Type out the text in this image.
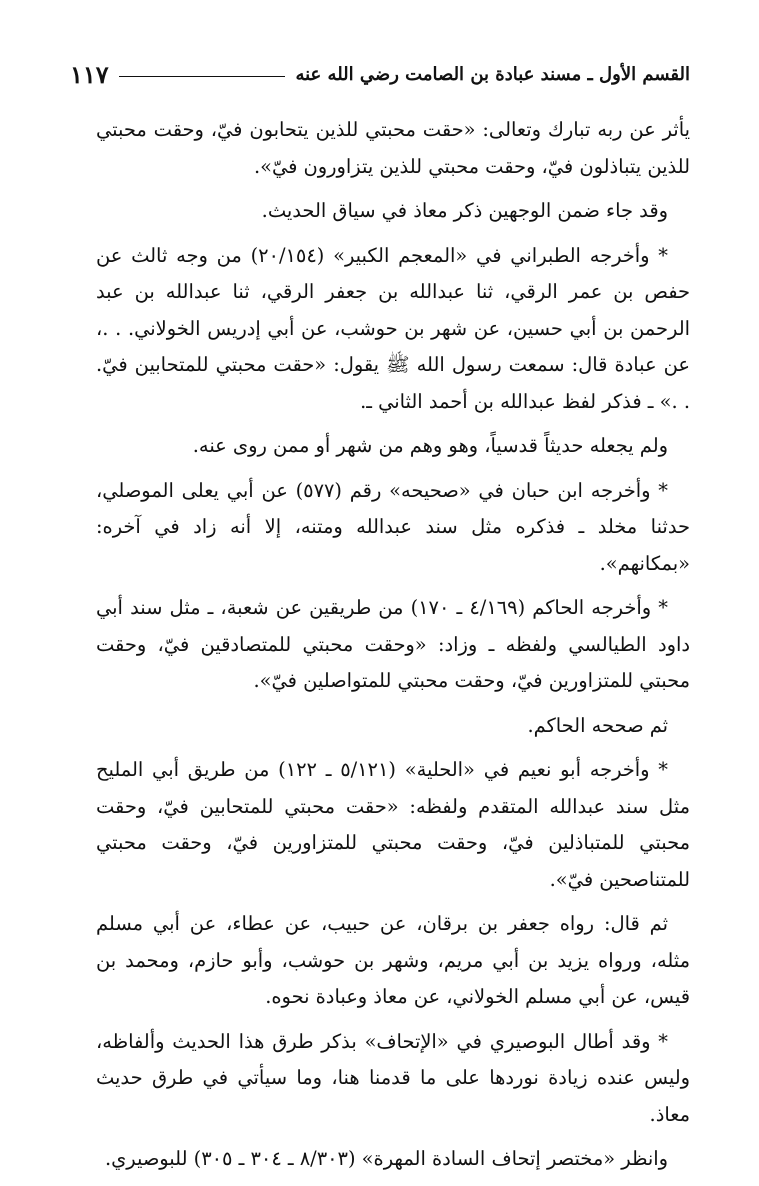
القسم الأول ـ مسند عبادة بن الصامت رضي الله عنه
١١٧

يأثر عن ربه تبارك وتعالى: «حقت محبتي للذين يتحابون فيّ، وحقت محبتي للذين يتباذلون فيّ، وحقت محبتي للذين يتزاورون فيّ».

وقد جاء ضمن الوجهين ذكر معاذ في سياق الحديث.

* وأخرجه الطبراني في «المعجم الكبير» (٢٠/١٥٤) من وجه ثالث عن حفص بن عمر الرقي، ثنا عبدالله بن جعفر الرقي، ثنا عبدالله بن عبد الرحمن بن أبي حسين، عن شهر بن حوشب، عن أبي إدريس الخولاني. . .، عن عبادة قال: سمعت رسول الله ﷺ يقول: «حقت محبتي للمتحابين فيّ. . .» ـ فذكر لفظ عبدالله بن أحمد الثاني ـ.

ولم يجعله حديثاً قدسياً، وهو وهم من شهر أو ممن روى عنه.

* وأخرجه ابن حبان في «صحيحه» رقم (٥٧٧) عن أبي يعلى الموصلي، حدثنا مخلد ـ فذكره مثل سند عبدالله ومتنه، إلا أنه زاد في آخره: «بمكانهم».

* وأخرجه الحاكم (٤/١٦٩ ـ ١٧٠) من طريقين عن شعبة، ـ مثل سند أبي داود الطيالسي ولفظه ـ وزاد: «وحقت محبتي للمتصادقين فيّ، وحقت محبتي للمتزاورين فيّ، وحقت محبتي للمتواصلين فيّ».

ثم صححه الحاكم.

* وأخرجه أبو نعيم في «الحلية» (٥/١٢١ ـ ١٢٢) من طريق أبي المليح مثل سند عبدالله المتقدم ولفظه: «حقت محبتي للمتحابين فيّ، وحقت محبتي للمتباذلين فيّ، وحقت محبتي للمتزاورين فيّ، وحقت محبتي للمتناصحين فيّ».

ثم قال: رواه جعفر بن برقان، عن حبيب، عن عطاء، عن أبي مسلم مثله، ورواه يزيد بن أبي مريم، وشهر بن حوشب، وأبو حازم، ومحمد بن قيس، عن أبي مسلم الخولاني، عن معاذ وعبادة نحوه.

* وقد أطال البوصيري في «الإتحاف» بذكر طرق هذا الحديث وألفاظه، وليس عنده زيادة نوردها على ما قدمنا هنا، وما سيأتي في طرق حديث معاذ.

وانظر «مختصر إتحاف السادة المهرة» (٨/٣٠٣ ـ ٣٠٤ ـ ٣٠٥) للبوصيري.
